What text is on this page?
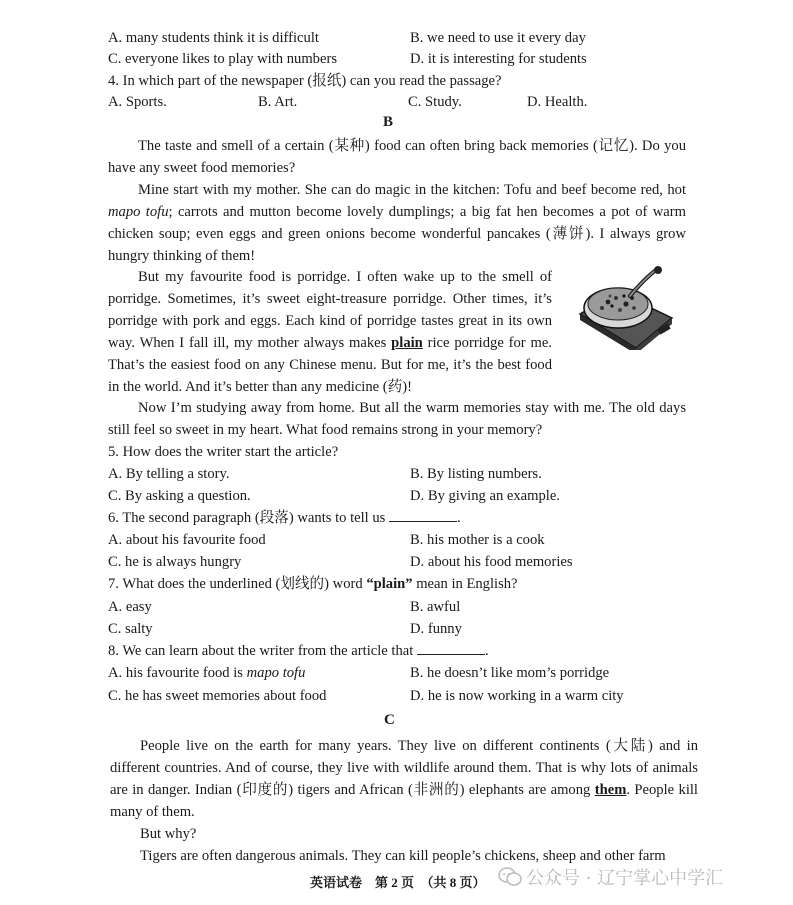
A. many students think it is difficult	B. we need to use it every day
C. everyone likes to play with numbers	D. it is interesting for students
4. In which part of the newspaper (报纸) can you read the passage?
A. Sports.	B. Art.	C. Study.	D. Health.
B

The taste and smell of a certain (某种) food can often bring back memories (记忆). Do you have any sweet food memories?

Mine start with my mother. She can do magic in the kitchen: Tofu and beef become red, hot mapo tofu; carrots and mutton become lovely dumplings; a big fat hen becomes a pot of warm chicken soup; even eggs and green onions become wonderful pancakes (薄饼). I always grow hungry thinking of them!

But my favourite food is porridge. I often wake up to the smell of porridge. Sometimes, it’s sweet eight-treasure porridge. Other times, it’s porridge with pork and eggs. Each kind of porridge tastes great in its own way. When I fall ill, my mother always makes plain rice porridge for me. That’s the easiest food on any Chinese menu. But for me, it’s the best food in the world. And it’s better than any medicine (药)!

Now I’m studying away from home. But all the warm memories stay with me. The old days still feel so sweet in my heart. What food remains strong in your memory?

5. How does the writer start the article?
A. By telling a story.	B. By listing numbers.
C. By asking a question.	D. By giving an example.
6. The second paragraph (段落) wants to tell us	.
A. about his favourite food	B. his mother is a cook
C. he is always hungry	D. about his food memories
7. What does the underlined (划线的) word “plain” mean in English?
A. easy	B. awful
C. salty	D. funny
8. We can learn about the writer from the article that	.
A. his favourite food is mapo tofu	B. he doesn’t like mom’s porridge
C. he has sweet memories about food	D. he is now working in a warm city
C

People live on the earth for many years. They live on different continents (大陆) and in different countries. And of course, they live with wildlife around them. That is why lots of animals are in danger. Indian (印度的) tigers and African (非洲的) elephants are among them. People kill many of them.

But why?

Tigers are often dangerous animals. They can kill people’s chickens, sheep and other farm

英语试卷　第 2 页　（共 8 页） 公众号 · 辽宁掌心中学汇
